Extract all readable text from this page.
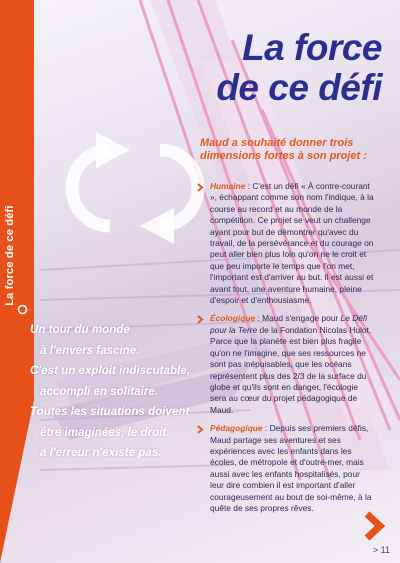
La force de ce défi
La force
de ce défi
Maud a souhaité donner trois dimensions fortes à son projet :
Humaine : C'est un défi « À contre-courant », échappant comme son nom l'indique, à la course au record et au monde de la compétition. Ce projet se veut un challenge ayant pour but de démontrer qu'avec du travail, de la persévérance et du courage on peut aller bien plus loin qu'on ne le croit et que peu importe le temps que l'on met, l'important est d'arriver au but. Il est aussi et avant tout, une aventure humaine, pleine d'espoir et d'enthousiasme.
Écologique : Maud s'engage pour Le Défi pour la Terre de la Fondation Nicolas Hulot. Parce que la planète est bien plus fragile qu'on ne l'imagine, que ses ressources ne sont pas inépuisables, que les océans représentent plus des 2/3 de la surface du globe et qu'ils sont en danger, l'écologie sera au cœur du projet pédagogique de Maud.
Pédagogique : Depuis ses premiers défis, Maud partage ses aventures et ses expériences avec les enfants dans les écoles, de métropole et d'outre-mer, mais aussi avec les enfants hospitalisés, pour leur dire combien il est important d'aller courageusement au bout de soi-même, à la quête de ses propres rêves.
Un tour du monde
à l'envers fascine.
C'est un exploit indiscutable,
accompli en solitaire.
Toutes les situations doivent
être imaginées, le droit
à l'erreur n'existe pas.
> 11
